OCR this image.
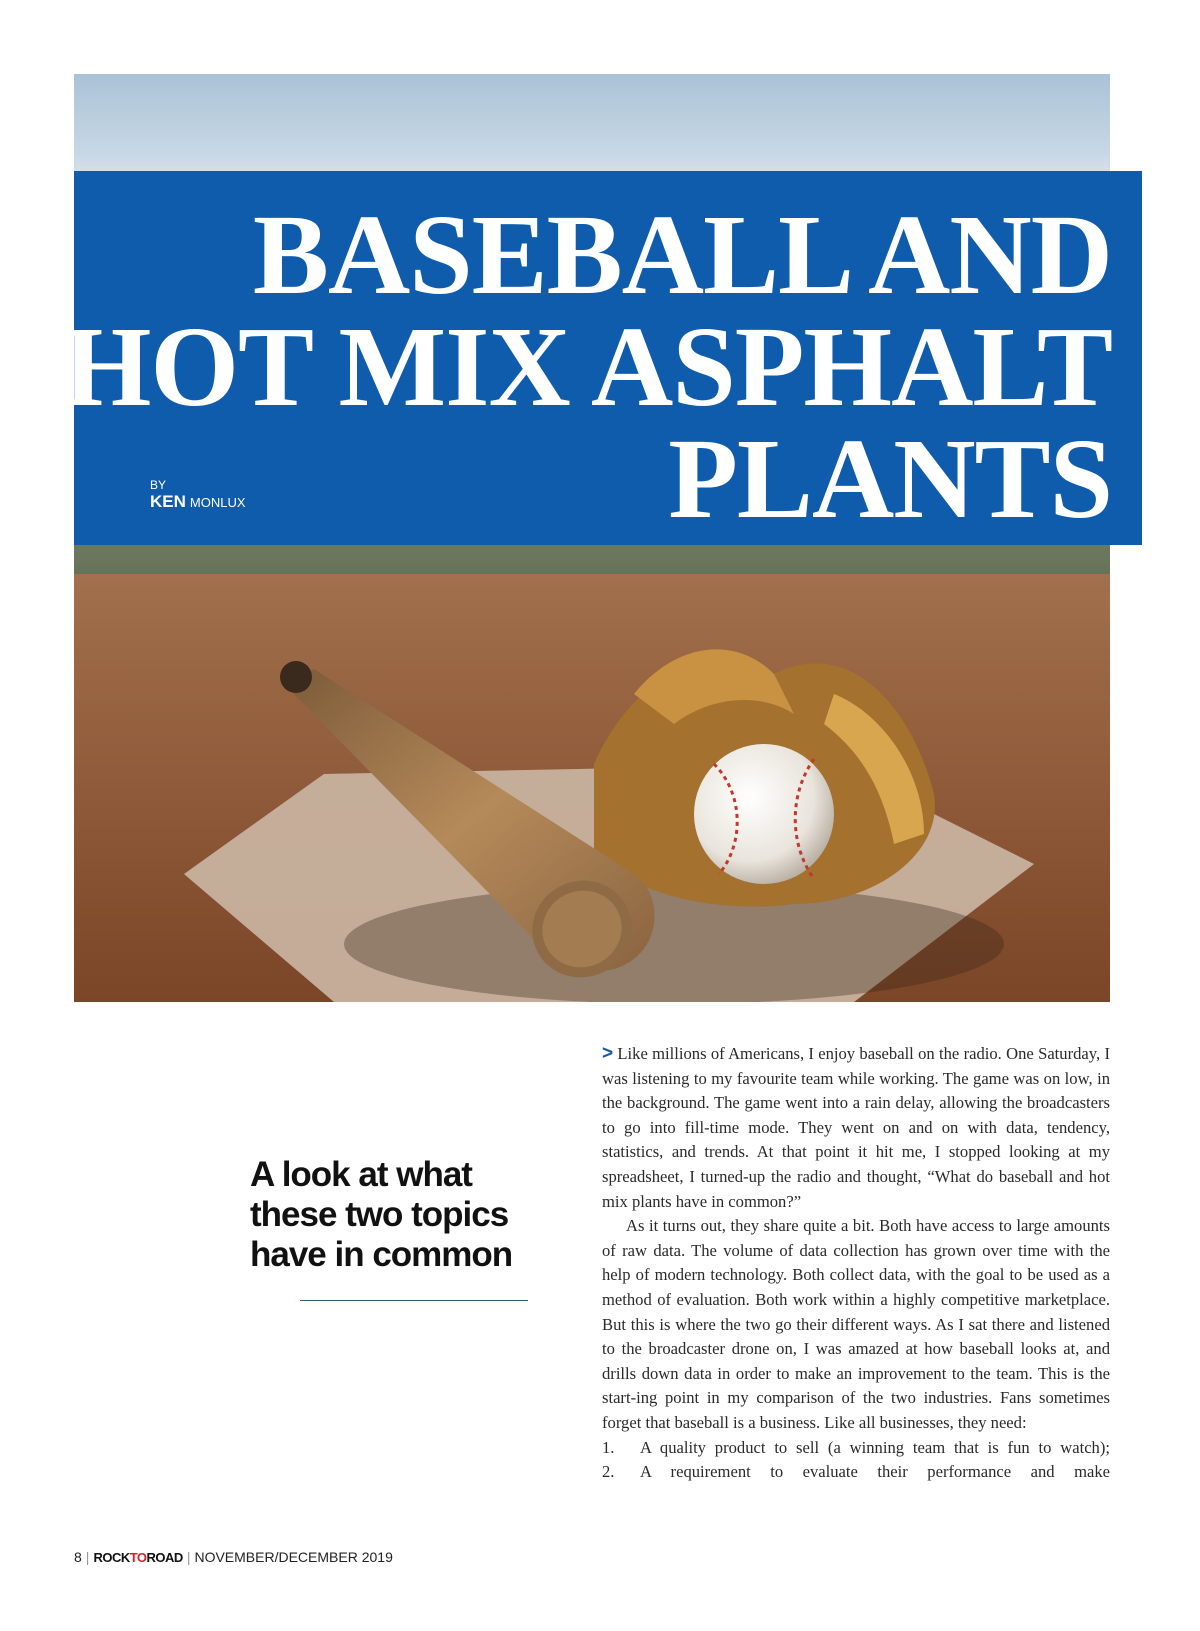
BASEBALL AND
HOT MIX ASPHALT
PLANTS
BY
KEN MONLUX
A look at what these two topics have in common

> Like millions of Americans, I enjoy baseball on the radio. One Saturday, I was listening to my favourite team while working. The game was on low, in the background. The game went into a rain delay, allowing the broadcasters to go into fill-time mode. They went on and on with data, tendency, statistics, and trends. At that point it hit me, I stopped looking at my spreadsheet, I turned-up the radio and thought, “What do baseball and hot mix plants have in common?”

As it turns out, they share quite a bit. Both have access to large amounts of raw data. The volume of data collection has grown over time with the help of modern technology. Both collect data, with the goal to be used as a method of evaluation. Both work within a highly competitive marketplace. But this is where the two go their different ways. As I sat there and listened to the broadcaster drone on, I was amazed at how baseball looks at, and drills down data in order to make an improvement to the team. This is the start-ing point in my comparison of the two industries. Fans sometimes forget that baseball is a business. Like all businesses, they need:

1.	A quality product to sell (a winning team that is fun to watch);
2.	A requirement to evaluate their performance and make
8 | ROCKTOROAD | NOVEMBER/DECEMBER 2019
